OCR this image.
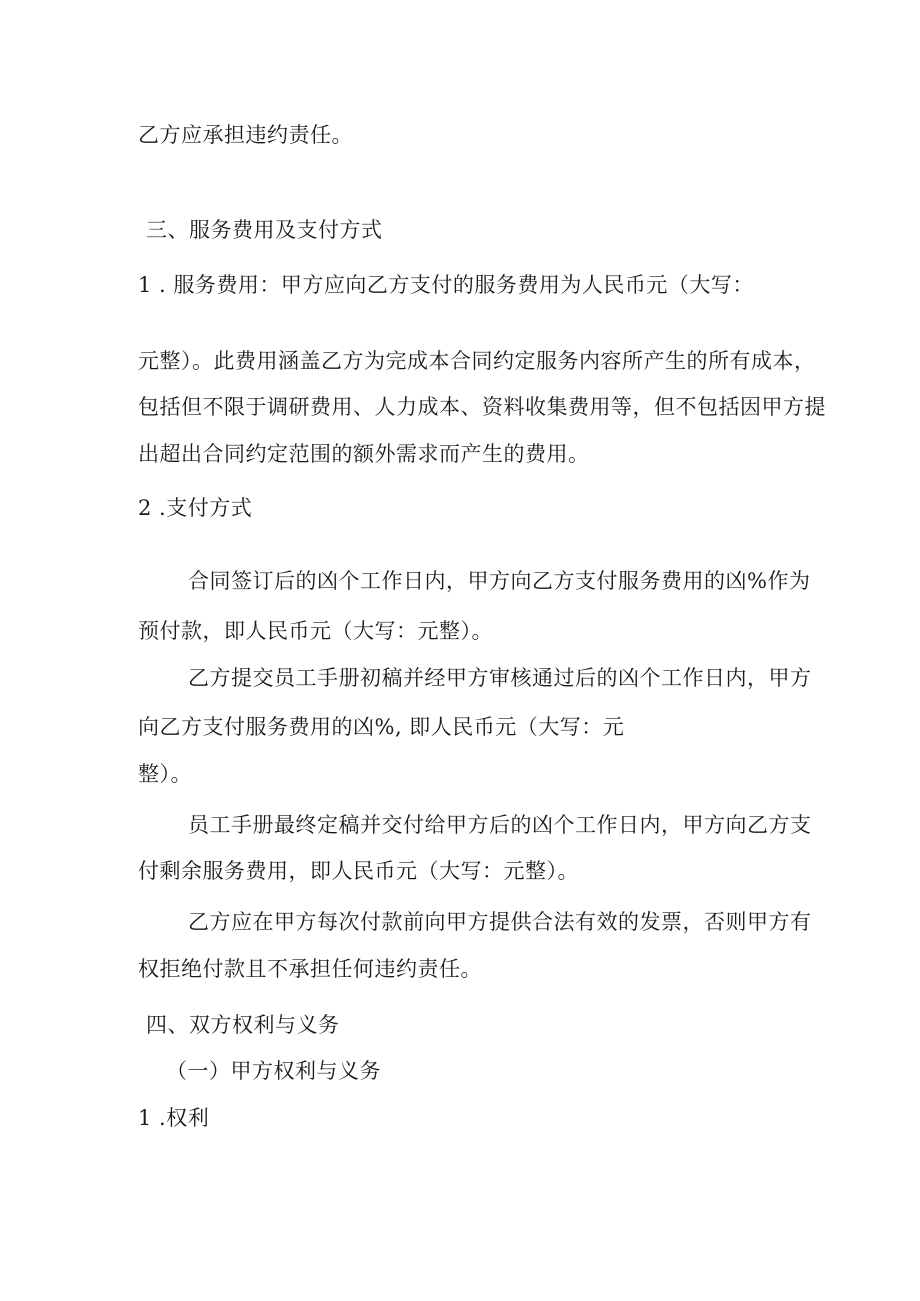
乙方应承担违约责任。
三、服务费用及支付方式
1 . 服务费用：甲方应向乙方支付的服务费用为人民币元（大写：
元整）。此费用涵盖乙方为完成本合同约定服务内容所产生的所有成本，
包括但不限于调研费用、人力成本、资料收集费用等，但不包括因甲方提
出超出合同约定范围的额外需求而产生的费用。
2 .支付方式
合同签订后的凶个工作日内，甲方向乙方支付服务费用的凶%作为
预付款，即人民币元（大写：元整）。
乙方提交员工手册初稿并经甲方审核通过后的凶个工作日内，甲方
向乙方支付服务费用的凶%, 即人民币元（大写：元
整）。
员工手册最终定稿并交付给甲方后的凶个工作日内，甲方向乙方支
付剩余服务费用，即人民币元（大写：元整）。
乙方应在甲方每次付款前向甲方提供合法有效的发票，否则甲方有
权拒绝付款且不承担任何违约责任。
四、双方权利与义务
（一）甲方权利与义务
1 .权利
